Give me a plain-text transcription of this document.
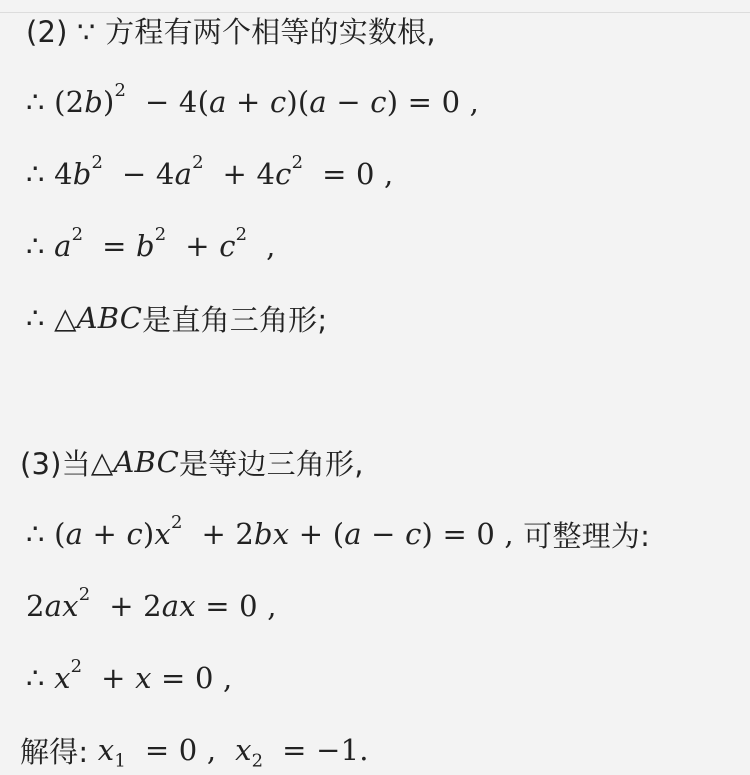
(2) ∵ 方程有两个相等的实数根,
∴ $(2b)^2 - 4(a + c)(a - c) = 0$ ,
∴ $4b^2 - 4a^2 + 4c^2 = 0$ ,
∴ $a^2 = b^2 + c^2$  ,
∴ △ABC 是直角三角形;
(3)当 △ABC 是等边三角形,
∴ $(a + c)x^2 + 2bx + (a - c) = 0$ , 可整理为:
$2ax^2 + 2ax = 0$ ,
∴ $x^2 + x = 0$ ,
解得: $x_1 = 0$ ,  $x_2 = -1$.
